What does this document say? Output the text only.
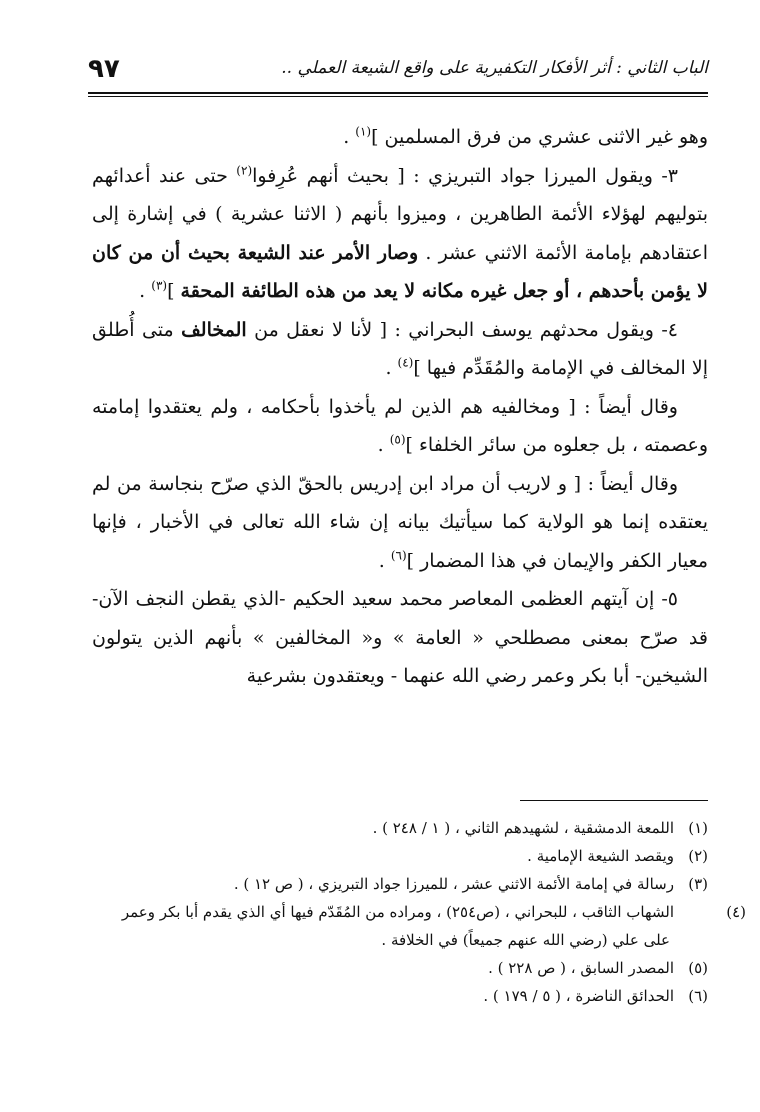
٩٧	الباب الثاني : أثر الأفكار التكفيرية على واقع الشيعة العملي ..

وهو غير الاثنى عشري من فرق المسلمين ]$^{(١)}$ .

٣- ويقول الميرزا جواد التبريزي : [ بحيث أنهم عُرِفوا$^{(٢)}$ حتى عند أعدائهم بتوليهم لهؤلاء الأئمة الطاهرين ، وميزوا بأنهم ( الاثنا عشرية ) في إشارة إلى اعتقادهم بإمامة الأئمة الاثني عشر . وصار الأمر عند الشيعة بحيث أن من كان لا يؤمن بأحدهم ، أو جعل غيره مكانه لا يعد من هذه الطائفة المحقة ]$^{(٣)}$ .

٤- ويقول محدثهم يوسف البحراني : [ لأنا لا نعقل من المخالف متى أُطلق إلا المخالف في الإمامة والمُقَدِّم فيها ]$^{(٤)}$ .

وقال أيضاً : [ ومخالفيه هم الذين لم يأخذوا بأحكامه ، ولم يعتقدوا إمامته وعصمته ، بل جعلوه من سائر الخلفاء ]$^{(٥)}$ .

وقال أيضاً : [ و لاريب أن مراد ابن إدريس بالحقّ الذي صرّح بنجاسة من لم يعتقده إنما هو الولاية كما سيأتيك بيانه إن شاء الله تعالى في الأخبار ، فإنها معيار الكفر والإيمان في هذا المضمار ]$^{(٦)}$ .

٥- إن آيتهم العظمى المعاصر محمد سعيد الحكيم -الذي يقطن النجف الآن- قد صرّح بمعنى مصطلحي « العامة » و« المخالفين » بأنهم الذين يتولون الشيخين- أبا بكر وعمر رضي الله عنهما - ويعتقدون بشرعية

(١)اللمعة الدمشقية ، لشهيدهم الثاني ، ( ١ / ٢٤٨ ) .
(٢)ويقصد الشيعة الإمامية .
(٣)رسالة في إمامة الأئمة الاثني عشر ، للميرزا جواد التبريزي ، ( ص ١٢ ) .
(٤)الشهاب الثاقب ، للبحراني ، (ص٢٥٤) ، ومراده من المُقَدّم فيها أي الذي يقدم أبا بكر وعمر على علي (رضي الله عنهم جميعاً) في الخلافة .
(٥)المصدر السابق ، ( ص ٢٢٨ ) .
(٦)الحدائق الناضرة ، ( ٥ / ١٧٩ ) .
